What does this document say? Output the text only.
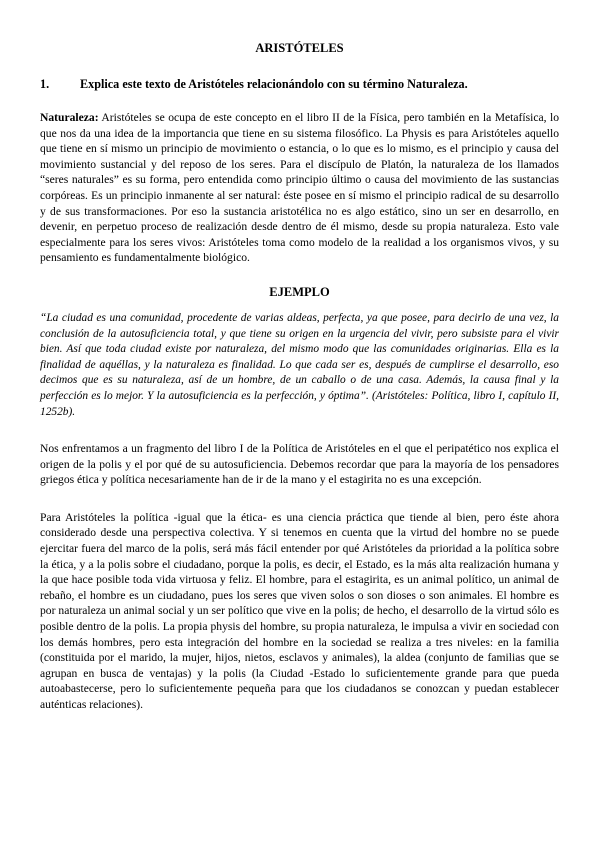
ARISTÓTELES
1.	Explica este texto de Aristóteles relacionándolo con su término Naturaleza.

Naturaleza: Aristóteles se ocupa de este concepto en el libro II de la Física, pero también en la Metafísica, lo que nos da una idea de la importancia que tiene en su sistema filosófico. La Physis es para Aristóteles aquello que tiene en sí mismo un principio de movimiento o estancia, o lo que es lo mismo, es el principio y causa del movimiento sustancial y del reposo de los seres. Para el discípulo de Platón, la naturaleza de los llamados “seres naturales” es su forma, pero entendida como principio último o causa del movimiento de las sustancias corpóreas. Es un principio inmanente al ser natural: éste posee en sí mismo el principio radical de su desarrollo y de sus transformaciones. Por eso la sustancia aristotélica no es algo estático, sino un ser en desarrollo, en devenir, en perpetuo proceso de realización desde dentro de él mismo, desde su propia naturaleza. Esto vale especialmente para los seres vivos: Aristóteles toma como modelo de la realidad a los organismos vivos, y su pensamiento es fundamentalmente biológico.

EJEMPLO

“La ciudad es una comunidad, procedente de varias aldeas, perfecta, ya que posee, para decirlo de una vez, la conclusión de la autosuficiencia total, y que tiene su origen en la urgencia del vivir, pero subsiste para el vivir bien. Así que toda ciudad existe por naturaleza, del mismo modo que las comunidades originarias. Ella es la finalidad de aquéllas, y la naturaleza es finalidad. Lo que cada ser es, después de cumplirse el desarrollo, eso decimos que es su naturaleza, así de un hombre, de un caballo o de una casa. Además, la causa final y la perfección es lo mejor. Y la autosuficiencia es la perfección, y óptima”. (Aristóteles: Política, libro I, capítulo II, 1252b).

Nos enfrentamos a un fragmento del libro I de la Política de Aristóteles en el que el peripatético nos explica el origen de la polis y el por qué de su autosuficiencia. Debemos recordar que para la mayoría de los pensadores griegos ética y política necesariamente han de ir de la mano y el estagirita no es una excepción.

Para Aristóteles la política -igual que la ética- es una ciencia práctica que tiende al bien, pero éste ahora considerado desde una perspectiva colectiva. Y si tenemos en cuenta que la virtud del hombre no se puede ejercitar fuera del marco de la polis, será más fácil entender por qué Aristóteles da prioridad a la política sobre la ética, y a la polis sobre el ciudadano, porque la polis, es decir, el Estado, es la más alta realización humana y la que hace posible toda vida virtuosa y feliz. El hombre, para el estagirita, es un animal político, un animal de rebaño, el hombre es un ciudadano, pues los seres que viven solos o son dioses o son animales. El hombre es por naturaleza un animal social y un ser político que vive en la polis; de hecho, el desarrollo de la virtud sólo es posible dentro de la polis. La propia physis del hombre, su propia naturaleza, le impulsa a vivir en sociedad con los demás hombres, pero esta integración del hombre en la sociedad se realiza a tres niveles: en la familia (constituida por el marido, la mujer, hijos, nietos, esclavos y animales), la aldea (conjunto de familias que se agrupan en busca de ventajas) y la polis (la Ciudad -Estado lo suficientemente grande para que pueda autoabastecerse, pero lo suficientemente pequeña para que los ciudadanos se conozcan y puedan establecer auténticas relaciones).
